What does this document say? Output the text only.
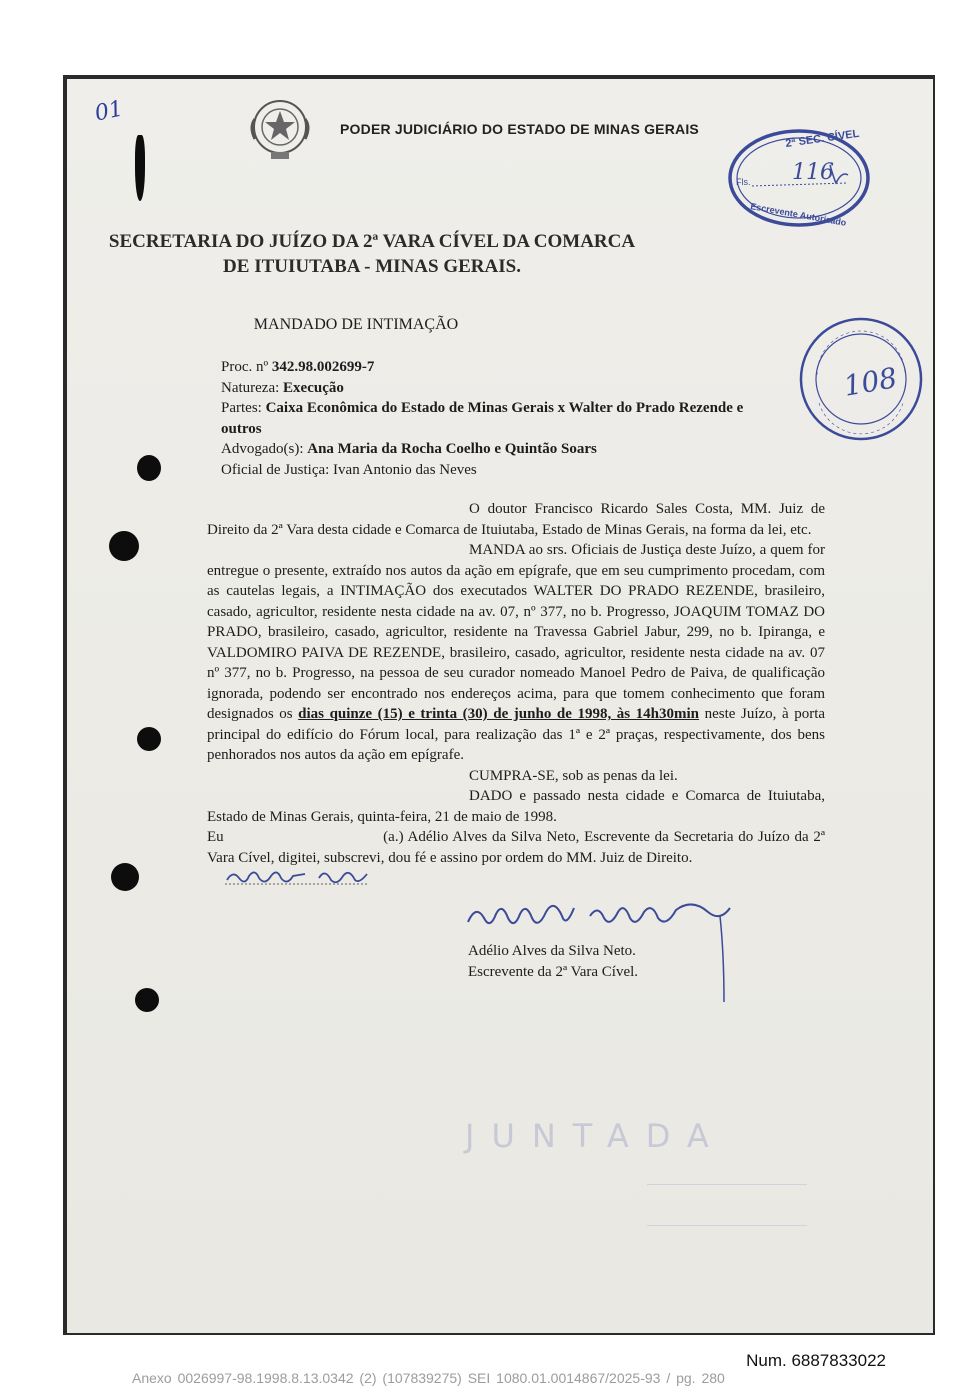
01
PODER JUDICIÁRIO DO ESTADO DE MINAS GERAIS	2ª SEC. CÍVEL
Fls. 116
Escrevente Autorizado
SECRETARIA DO JUÍZO DA 2ª VARA CÍVEL DA COMARCA
DE ITUIUTABA - MINAS GERAIS.
MANDADO DE INTIMAÇÃO
108
Proc. nº 342.98.002699-7
Natureza: Execução
Partes: Caixa Econômica do Estado de Minas Gerais x Walter do Prado Rezende e
outros
Advogado(s): Ana Maria da Rocha Coelho e Quintão Soars
Oficial de Justiça: Ivan Antonio das Neves

O doutor Francisco Ricardo Sales Costa, MM. Juiz de Direito da 2ª Vara desta cidade e Comarca de Ituiutaba, Estado de Minas Gerais, na forma da lei, etc.

MANDA ao srs. Oficiais de Justiça deste Juízo, a quem for entregue o presente, extraído nos autos da ação em epígrafe, que em seu cumprimento procedam, com as cautelas legais, a INTIMAÇÃO dos executados WALTER DO PRADO REZENDE, brasileiro, casado, agricultor, residente nesta cidade na av. 07, nº 377, no b. Progresso, JOAQUIM TOMAZ DO PRADO, brasileiro, casado, agricultor, residente na Travessa Gabriel Jabur, 299, no b. Ipiranga, e VALDOMIRO PAIVA DE REZENDE, brasileiro, casado, agricultor, residente nesta cidade na av. 07 nº 377, no b. Progresso, na pessoa de seu curador nomeado Manoel Pedro de Paiva, de qualificação ignorada, podendo ser encontrado nos endereços acima, para que tomem conhecimento que foram designados os dias quinze (15) e trinta (30) de junho de 1998, às 14h30min neste Juízo, à porta principal do edifício do Fórum local, para realização das 1ª e 2ª praças, respectivamente, dos bens penhorados nos autos da ação em epígrafe.

CUMPRA-SE, sob as penas da lei.

DADO e passado nesta cidade e Comarca de Ituiutaba, Estado de Minas Gerais, quinta-feira, 21 de maio de 1998.

Eu	(a.) Adélio Alves da Silva Neto, Escrevente da Secretaria do Juízo da 2ª Vara Cível, digitei, subscrevi, dou fé e assino por ordem do MM. Juiz de Direito.

Adélio Alves da Silva Neto.
Escrevente da 2ª Vara Cível.
JUNTADA
Num. 6887833022
Anexo 0026997-98.1998.8.13.0342 (2) (107839275) SEI 1080.01.0014867/2025-93 / pg. 280
